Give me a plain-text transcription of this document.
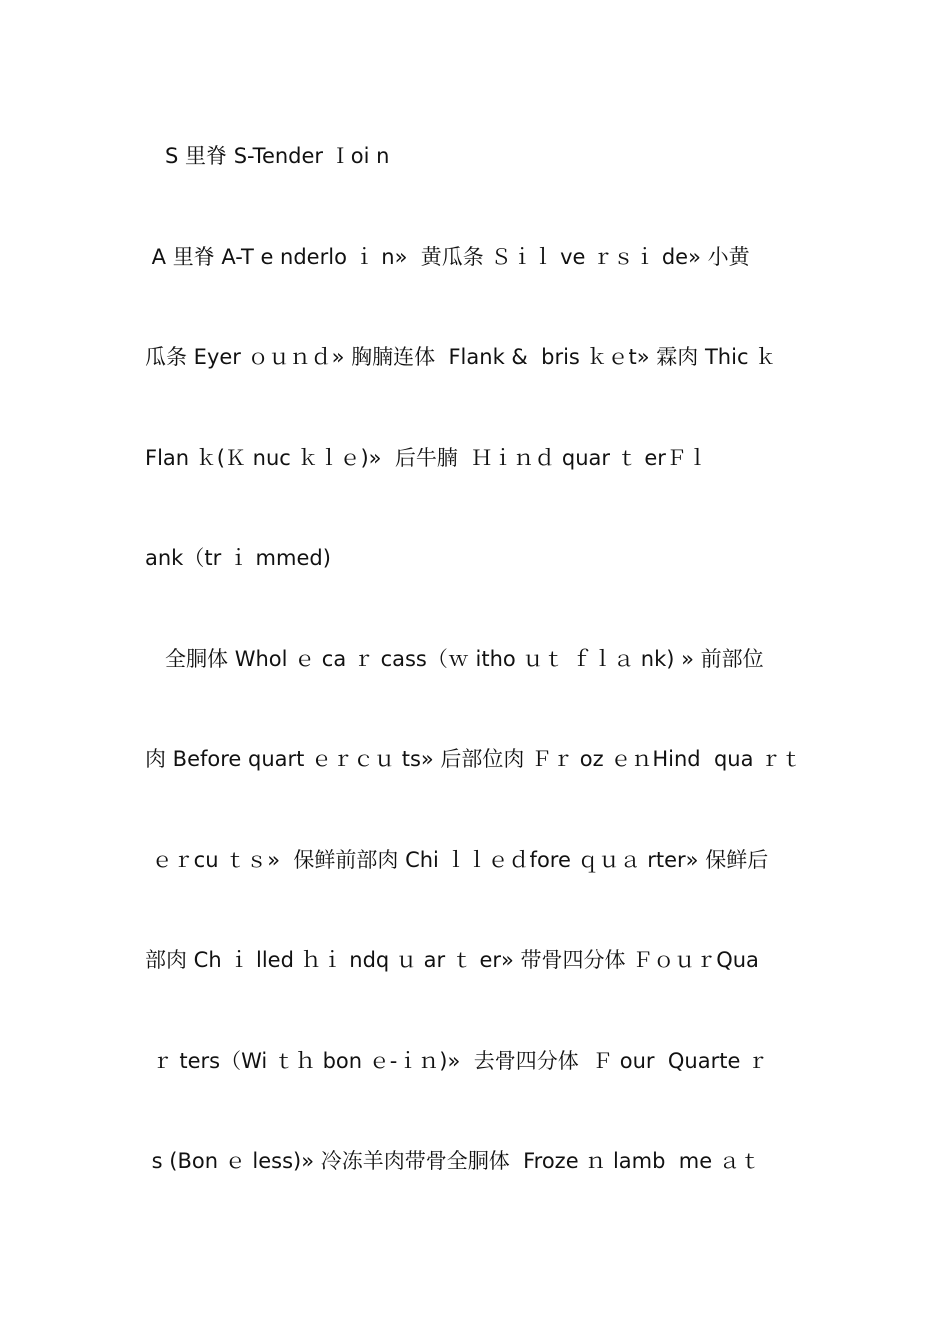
S 里脊 S-Tender Ｉoi n
A 里脊 A-T e nderlo ｉ n»  黄瓜条 Ｓｉｌ ve ｒｓｉ de» 小黄
瓜条 Eyer ｏｕｎｄ» 胸腩连体  Flank &  bris ｋｅt» 霖肉 Thic ｋ
Flan ｋ(Ｋ nuc ｋｌｅ)»  后牛腩  Ｈｉｎｄ quar ｔ erＦｌ
ank（tr ｉ mmed)
全胴体 Whol ｅ ca ｒ cass（ｗ itho ｕｔ ｆｌａ nk) » 前部位
肉 Before quart ｅｒｃｕ ts» 后部位肉 Ｆｒ oz ｅｎHind  qua ｒｔ
ｅｒcu ｔｓ»  保鲜前部肉 Chi ｌｌｅｄfore ｑｕａ rter» 保鲜后
部肉 Ch ｉ lled ｈｉ ndq ｕ ar ｔ er» 带骨四分体 ＦｏｕｒQua
ｒ ters（Wi ｔｈ bon ｅ-ｉｎ)»  去骨四分体  Ｆ our  Quarte ｒ
s (Bon ｅ less)» 冷冻羊肉带骨全胴体  Froze ｎ lamb  me ａｔ
